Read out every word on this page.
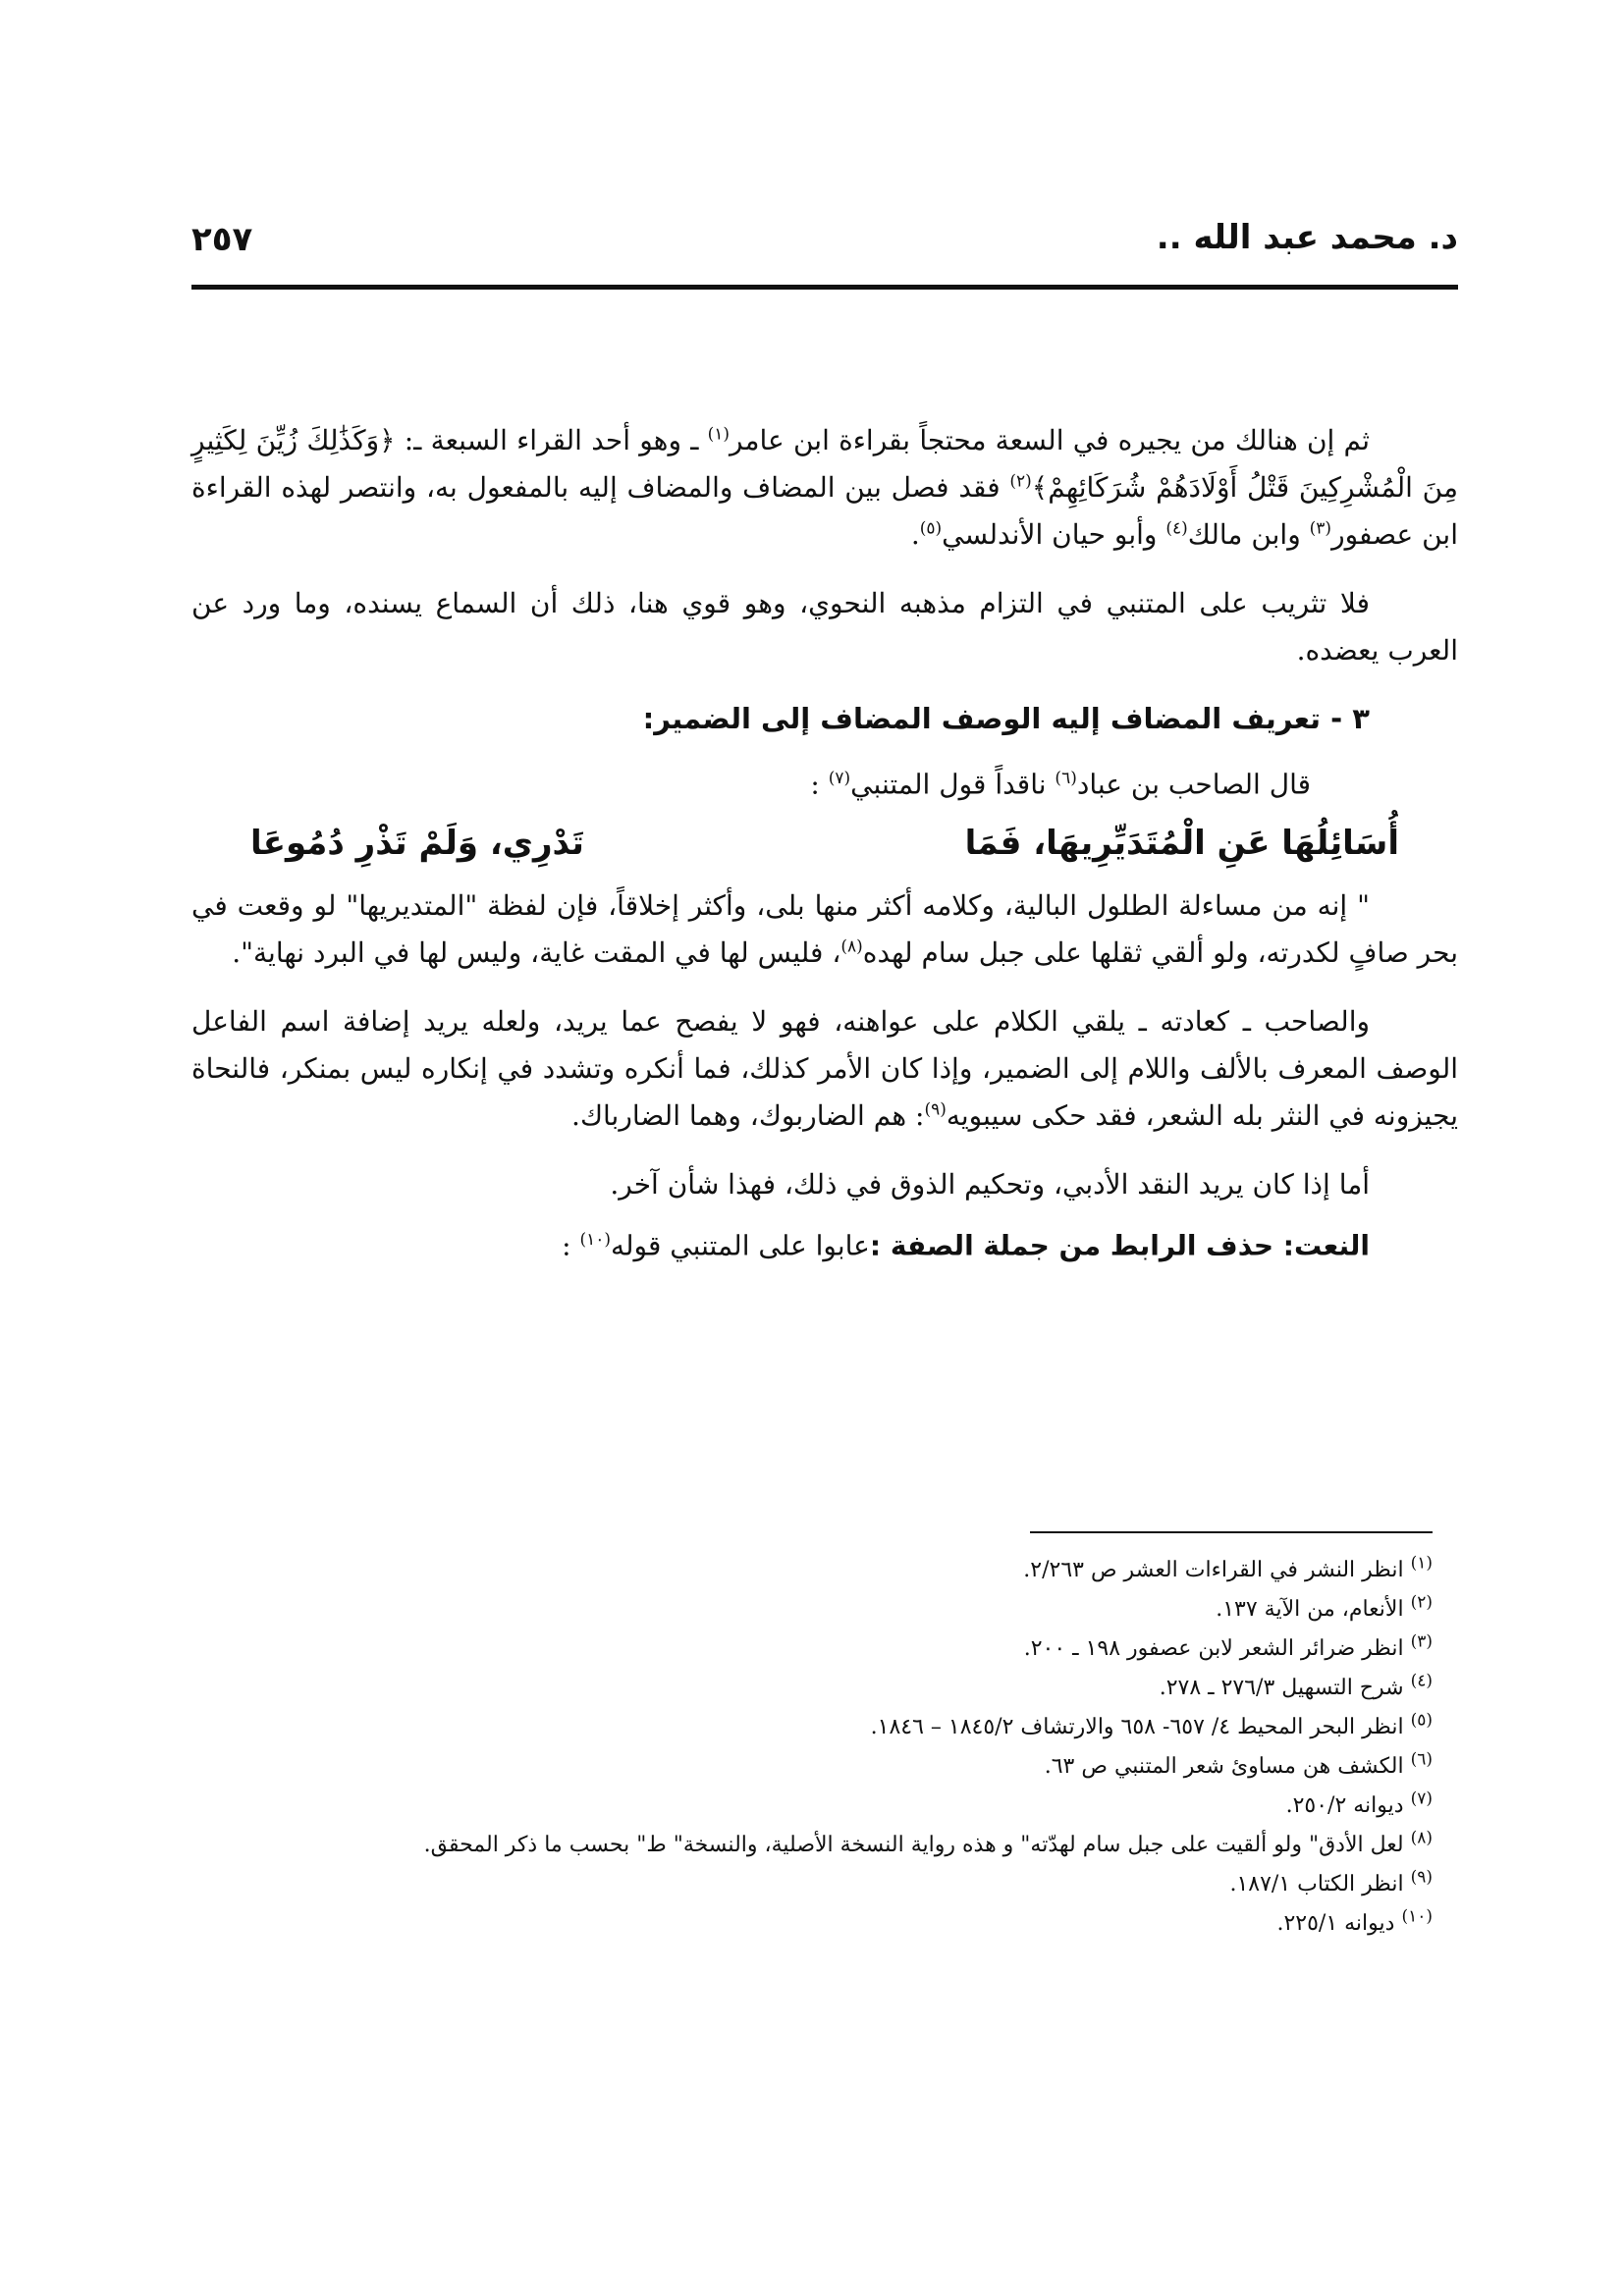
د. محمد عبد الله ..
٢٥٧

ثم إن هنالك من يجيره في السعة محتجاً بقراءة ابن عامر$^{(١)}$ ـ وهو أحد القراء السبعة ـ: ﴿وَكَذَٰلِكَ زُيِّنَ لِكَثِيرٍ مِنَ الْمُشْرِكِينَ قَتْلُ أَوْلَادَهُمْ شُرَكَائِهِمْ﴾$^{(٢)}$ فقد فصل بين المضاف والمضاف إليه بالمفعول به، وانتصر لهذه القراءة ابن عصفور$^{(٣)}$ وابن مالك$^{(٤)}$ وأبو حيان الأندلسي$^{(٥)}$.

فلا تثريب على المتنبي في التزام مذهبه النحوي، وهو قوي هنا، ذلك أن السماع يسنده، وما ورد عن العرب يعضده.

٣ - تعريف المضاف إليه الوصف المضاف إلى الضمير:
قال الصاحب بن عباد$^{(٦)}$ ناقداً قول المتنبي$^{(٧)}$ :
أُسَائِلُهَا عَنِ الْمُتَدَيِّرِيهَا، فَمَا
تَدْرِي، وَلَمْ تَذْرِ دُمُوعَا

" إنه من مساءلة الطلول البالية، وكلامه أكثر منها بلى، وأكثر إخلاقاً، فإن لفظة "المتديريها" لو وقعت في بحر صافٍ لكدرته، ولو ألقي ثقلها على جبل سام لهده$^{(٨)}$، فليس لها في المقت غاية، وليس لها في البرد نهاية".

والصاحب ـ كعادته ـ يلقي الكلام على عواهنه، فهو لا يفصح عما يريد، ولعله يريد إضافة اسم الفاعل الوصف المعرف بالألف واللام إلى الضمير، وإذا كان الأمر كذلك، فما أنكره وتشدد في إنكاره ليس بمنكر، فالنحاة يجيزونه في النثر بله الشعر، فقد حكى سيبويه$^{(٩)}$: هم الضاربوك، وهما الضارباك.

أما إذا كان يريد النقد الأدبي، وتحكيم الذوق في ذلك، فهذا شأن آخر.

النعت: حذف الرابط من جملة الصفة :عابوا على المتنبي قوله$^{(١٠)}$ :
$^{(١)}$ انظر النشر في القراءات العشر ص ٢/٢٦٣.
$^{(٢)}$ الأنعام، من الآية ١٣٧.
$^{(٣)}$ انظر ضرائر الشعر لابن عصفور ١٩٨ ـ ٢٠٠.
$^{(٤)}$ شرح التسهيل ٢٧٦/٣ ـ ٢٧٨.
$^{(٥)}$ انظر البحر المحيط ٤/ ٦٥٧- ٦٥٨ والارتشاف ١٨٤٥/٢ – ١٨٤٦.
$^{(٦)}$ الكشف هن مساوئ شعر المتنبي ص ٦٣.
$^{(٧)}$ ديوانه ٢٥٠/٢.
$^{(٨)}$ لعل الأدق" ولو ألقيت على جبل سام لهدّته" و هذه رواية النسخة الأصلية، والنسخة" ط" بحسب ما ذكر المحقق.
$^{(٩)}$ انظر الكتاب ١٨٧/١.
$^{(١٠)}$ ديوانه ٢٢٥/١.
